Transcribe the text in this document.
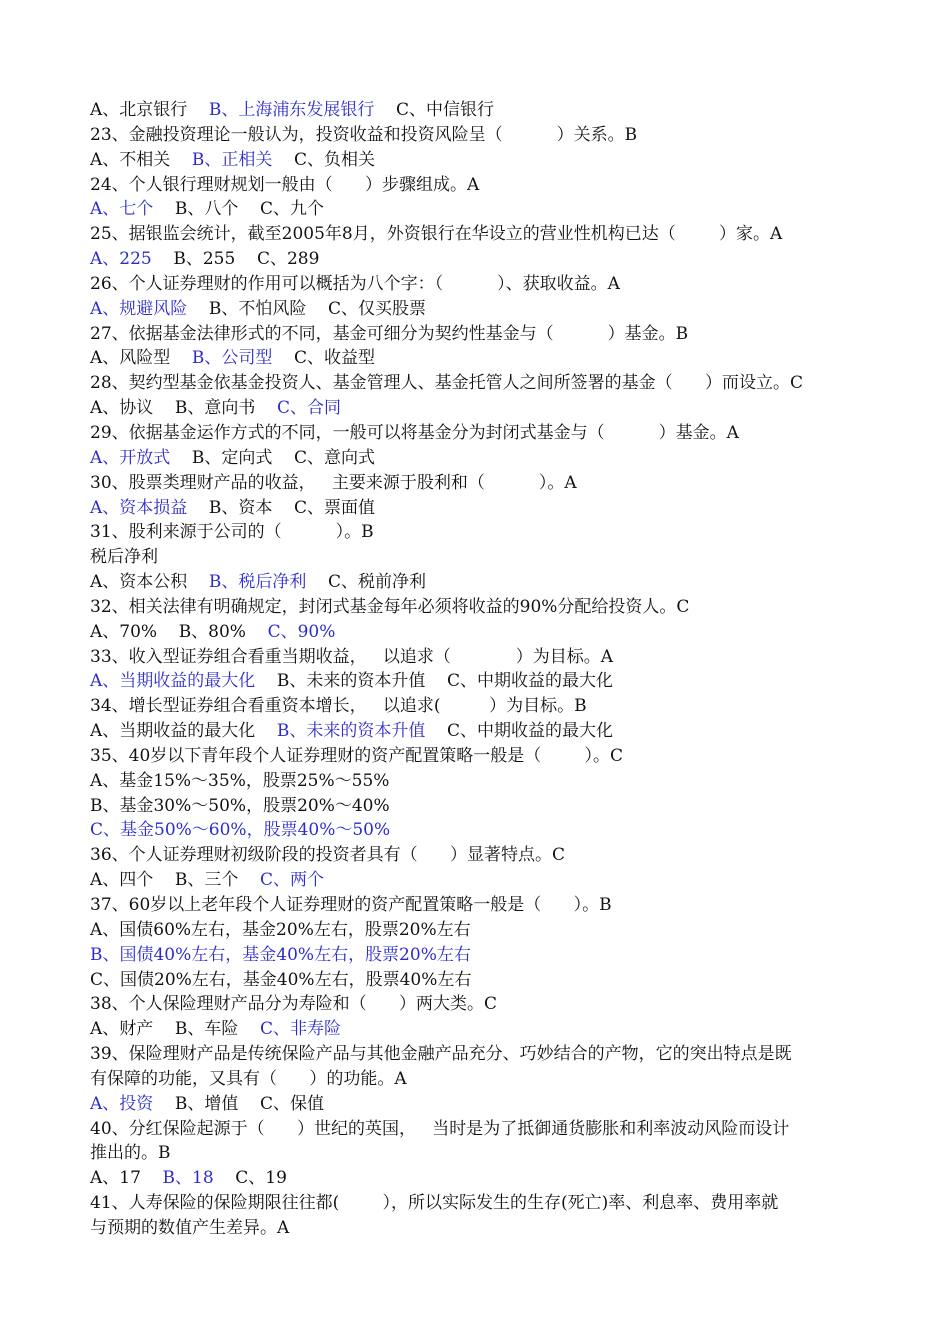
A、北京银行 B、上海浦东发展银行 C、中信银行
23、金融投资理论一般认为，投资收益和投资风险呈（          ）关系。B
A、不相关 B、正相关 C、负相关
24、个人银行理财规划一般由（      ）步骤组成。A
A、七个 B、八个 C、九个
25、据银监会统计，截至2005年8月，外资银行在华设立的营业性机构已达（        ）家。A
A、225 B、255 C、289
26、个人证券理财的作用可以概括为八个字：（          ）、获取收益。A
A、规避风险 B、不怕风险 C、仅买股票
27、依据基金法律形式的不同，基金可细分为契约性基金与（          ）基金。B
A、风险型 B、公司型 C、收益型
28、契约型基金依基金投资人、基金管理人、基金托管人之间所签署的基金（      ）而设立。C
A、协议 B、意向书 C、合同
29、依据基金运作方式的不同，一般可以将基金分为封闭式基金与（          ）基金。A
A、开放式 B、定向式 C、意向式
30、股票类理财产品的收益，   主要来源于股利和（          ）。A
A、资本损益 B、资本 C、票面值
31、股利来源于公司的（          ）。B
税后净利
A、资本公积 B、税后净利 C、税前净利
32、相关法律有明确规定，封闭式基金每年必须将收益的90%分配给投资人。C
A、70% B、80% C、90%
33、收入型证券组合看重当期收益，   以追求（            ）为目标。A
A、当期收益的最大化 B、未来的资本升值 C、中期收益的最大化
34、增长型证券组合看重资本增长，   以追求(         ）为目标。B
A、当期收益的最大化 B、未来的资本升值 C、中期收益的最大化
35、40岁以下青年段个人证券理财的资产配置策略一般是（        ）。C
A、基金15%～35%，股票25%～55%
B、基金30%～50%，股票20%～40%
C、基金50%～60%，股票40%～50%
36、个人证券理财初级阶段的投资者具有（      ）显著特点。C
A、四个 B、三个 C、两个
37、60岁以上老年段个人证券理财的资产配置策略一般是（      ）。B
A、国债60%左右，基金20%左右，股票20%左右
B、国债40%左右，基金40%左右，股票20%左右
C、国债20%左右，基金40%左右，股票40%左右
38、个人保险理财产品分为寿险和（      ）两大类。C
A、财产 B、车险 C、非寿险
39、保险理财产品是传统保险产品与其他金融产品充分、巧妙结合的产物，它的突出特点是既
有保障的功能，又具有（      ）的功能。A
A、投资 B、增值 C、保值
40、分红保险起源于（      ）世纪的英国，   当时是为了抵御通货膨胀和利率波动风险而设计
推出的。B
A、17 B、18 C、19
41、人寿保险的保险期限往往都(        ），所以实际发生的生存(死亡)率、利息率、费用率就
与预期的数值产生差异。A
